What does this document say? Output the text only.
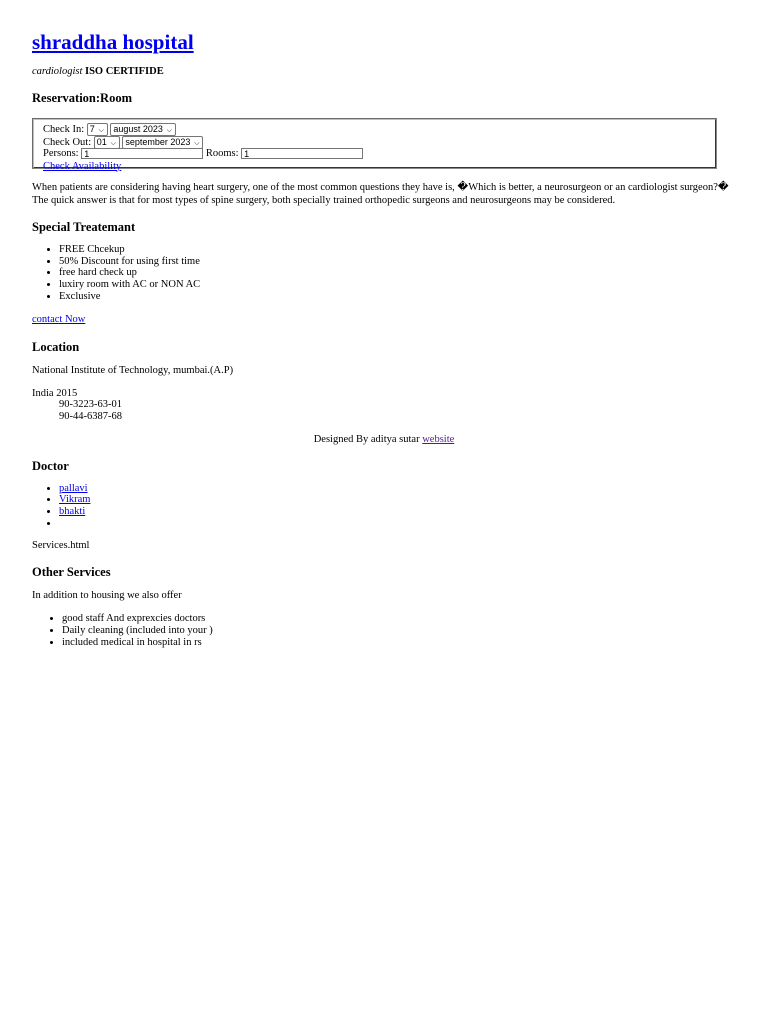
shraddha hospital

cardiologist ISO CERTIFIDE

Reservation:Room
Check In: 7 ⌵ august 2023 ⌵
Check Out: 01 ⌵ september 2023 ⌵
Persons: 1	Rooms: 1
Check Availability

When patients are considering having heart surgery, one of the most common questions they have is, �Which is better, a neurosurgeon or an cardiologist surgeon?� The quick answer is that for most types of spine surgery, both specially trained orthopedic surgeons and neurosurgeons may be considered.

Special Treatemant
• FREE Chcekup
• 50% Discount for using first time
• free hard check up
• luxiry room with AC or NON AC
• Exclusive
contact Now
Location
National Institute of Technology, mumbai.(A.P)
India 2015
90-3223-63-01
90-44-6387-68
Designed By aditya sutar website
Doctor
• pallavi
• Vikram
• bhakti
•
Services.html
Other Services
In addition to housing we also offer
• good staff And exprexcies doctors
• Daily cleaning (included into your )
• included medical in hospital in rs
